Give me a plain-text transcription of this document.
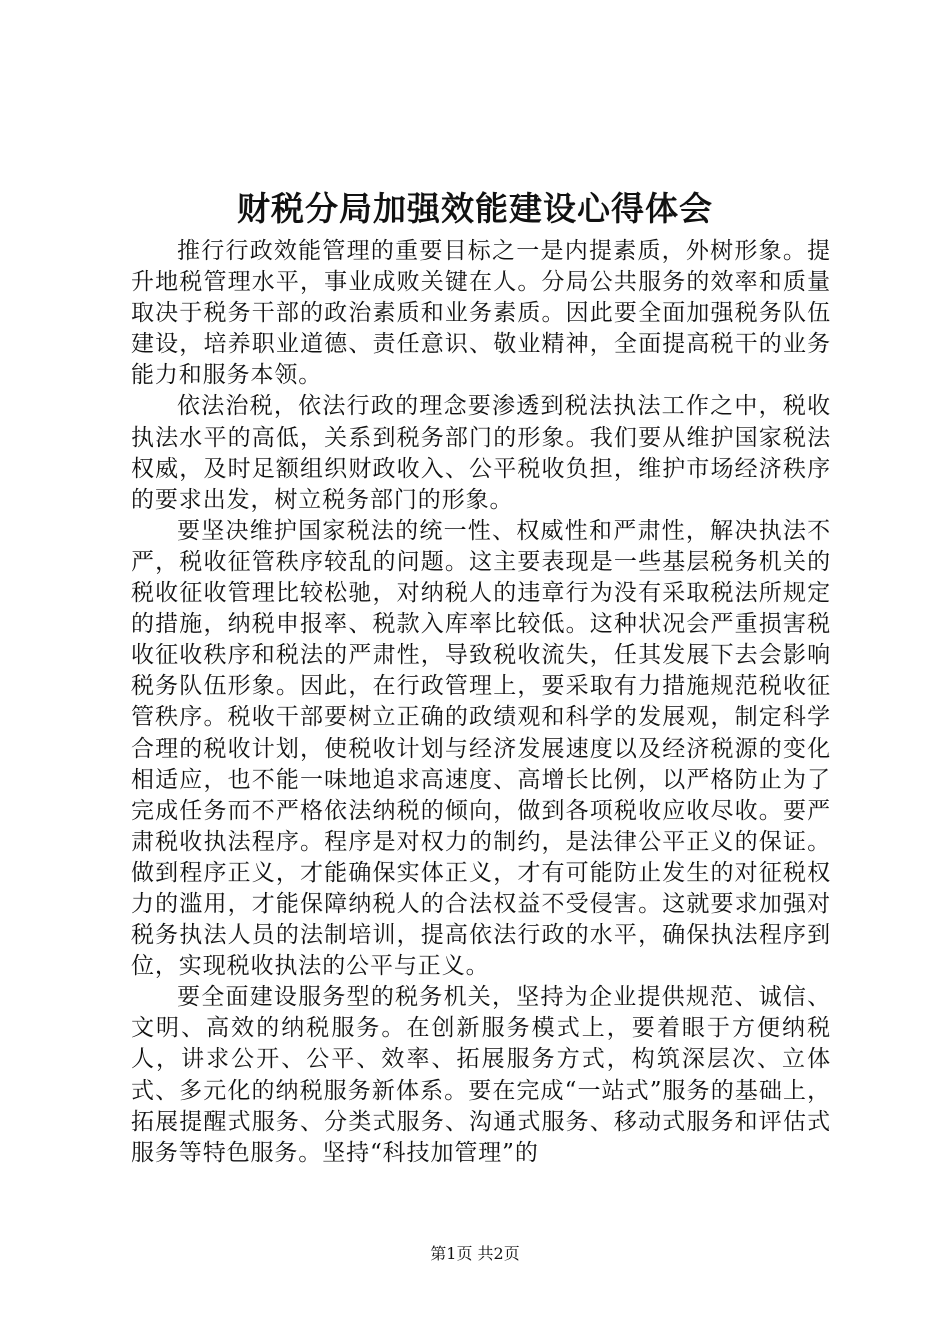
财税分局加强效能建设心得体会

推行行政效能管理的重要目标之一是内提素质，外树形象。提升地税管理水平，事业成败关键在人。分局公共服务的效率和质量取决于税务干部的政治素质和业务素质。因此要全面加强税务队伍建设，培养职业道德、责任意识、敬业精神，全面提高税干的业务能力和服务本领。

依法治税，依法行政的理念要渗透到税法执法工作之中，税收执法水平的高低，关系到税务部门的形象。我们要从维护国家税法权威，及时足额组织财政收入、公平税收负担，维护市场经济秩序的要求出发，树立税务部门的形象。

要坚决维护国家税法的统一性、权威性和严肃性，解决执法不严，税收征管秩序较乱的问题。这主要表现是一些基层税务机关的税收征收管理比较松驰，对纳税人的违章行为没有采取税法所规定的措施，纳税申报率、税款入库率比较低。这种状况会严重损害税收征收秩序和税法的严肃性，导致税收流失，任其发展下去会影响税务队伍形象。因此，在行政管理上，要采取有力措施规范税收征管秩序。税收干部要树立正确的政绩观和科学的发展观，制定科学合理的税收计划，使税收计划与经济发展速度以及经济税源的变化相适应，也不能一味地追求高速度、高增长比例，以严格防止为了完成任务而不严格依法纳税的倾向，做到各项税收应收尽收。要严肃税收执法程序。程序是对权力的制约，是法律公平正义的保证。做到程序正义，才能确保实体正义，才有可能防止发生的对征税权力的滥用，才能保障纳税人的合法权益不受侵害。这就要求加强对税务执法人员的法制培训，提高依法行政的水平，确保执法程序到位，实现税收执法的公平与正义。

要全面建设服务型的税务机关，坚持为企业提供规范、诚信、文明、高效的纳税服务。在创新服务模式上，要着眼于方便纳税人，讲求公开、公平、效率、拓展服务方式，构筑深层次、立体式、多元化的纳税服务新体系。要在完成“一站式”服务的基础上，拓展提醒式服务、分类式服务、沟通式服务、移动式服务和评估式服务等特色服务。坚持“科技加管理”的

第1页 共2页
